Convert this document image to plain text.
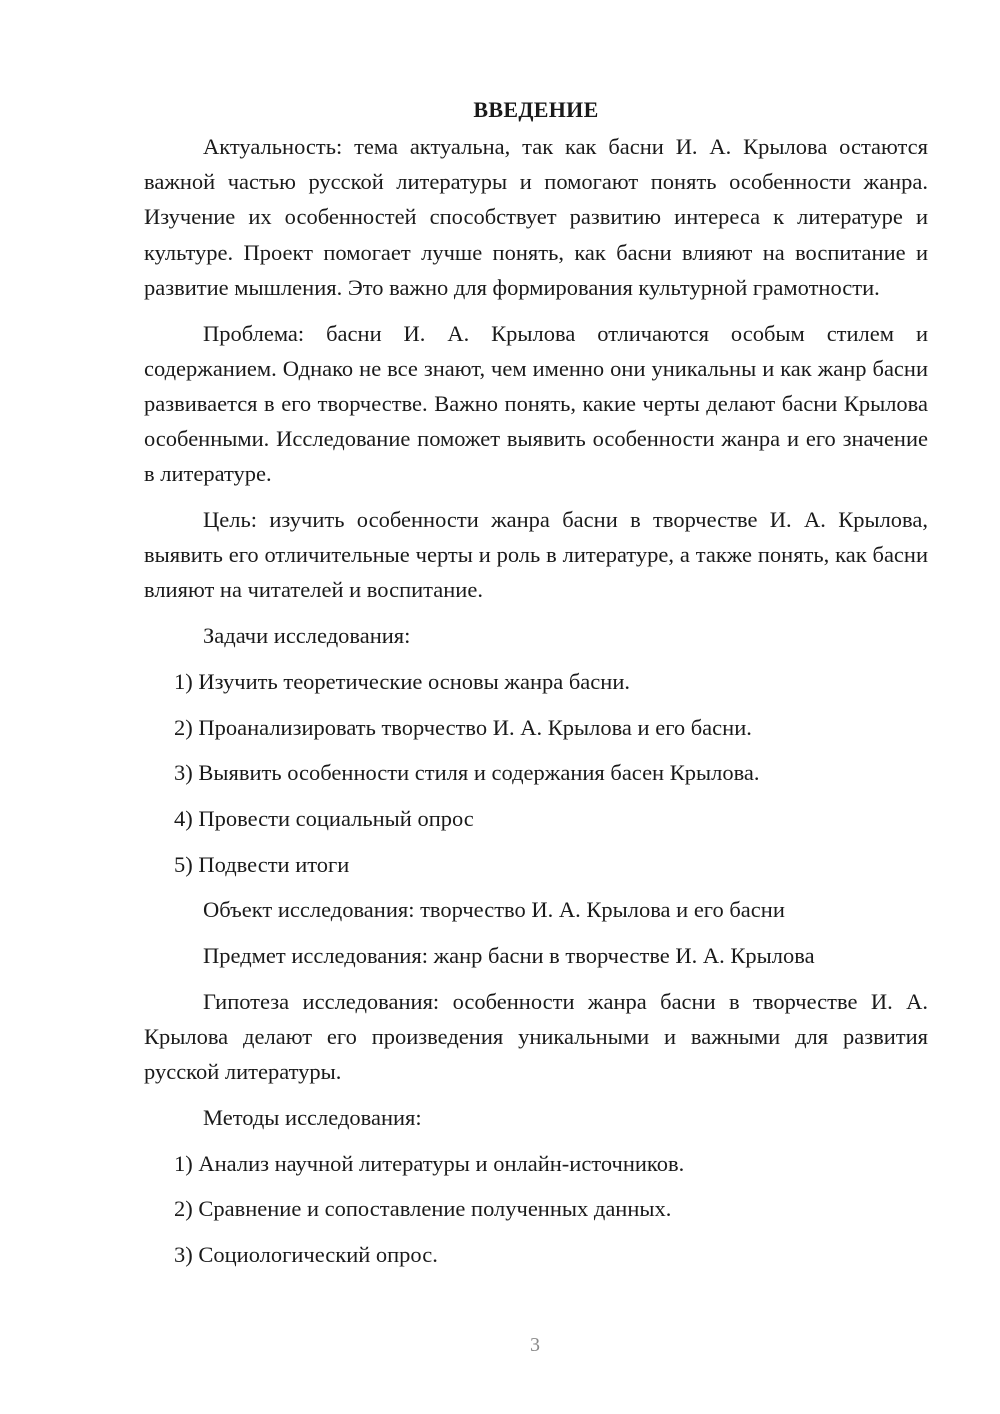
ВВЕДЕНИЕ

Актуальность: тема актуальна, так как басни И. А. Крылова остаются важной частью русской литературы и помогают понять особенности жанра. Изучение их особенностей способствует развитию интереса к литературе и культуре. Проект помогает лучше понять, как басни влияют на воспитание и развитие мышления. Это важно для формирования культурной грамотности.

Проблема: басни И. А. Крылова отличаются особым стилем и содержанием. Однако не все знают, чем именно они уникальны и как жанр басни развивается в его творчестве. Важно понять, какие черты делают басни Крылова особенными. Исследование поможет выявить особенности жанра и его значение в литературе.

Цель: изучить особенности жанра басни в творчестве И. А. Крылова, выявить его отличительные черты и роль в литературе, а также понять, как басни влияют на читателей и воспитание.

Задачи исследования:

1) Изучить теоретические основы жанра басни.

2) Проанализировать творчество И. А. Крылова и его басни.

3) Выявить особенности стиля и содержания басен Крылова.

4) Провести социальный опрос

5) Подвести итоги

Объект исследования: творчество И. А. Крылова и его басни

Предмет исследования: жанр басни в творчестве И. А. Крылова

Гипотеза исследования: особенности жанра басни в творчестве И. А. Крылова делают его произведения уникальными и важными для развития русской литературы.

Методы исследования:

1) Анализ научной литературы и онлайн-источников.

2) Сравнение и сопоставление полученных данных.

3) Социологический опрос.

3
